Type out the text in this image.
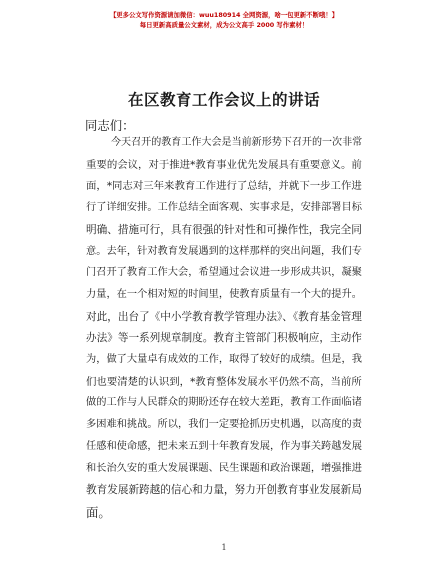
【更多公文写作资源请加微信：wuu180914 全网资源，啥一包更新不断哦！】
每日更新高质量公文素材，成为公文高手 2000 写作素材！
在区教育工作会议上的讲话
同志们：
今天召开的教育工作大会是当前新形势下召开的一次非常
重要的会议，对于推进*教育事业优先发展具有重要意义。前
面，*同志对三年来教育工作进行了总结，并就下一步工作进
行了详细安排。工作总结全面客观、实事求是，安排部署目标
明确、措施可行，具有很强的针对性和可操作性，我完全同
意。去年，针对教育发展遇到的这样那样的突出问题，我们专
门召开了教育工作大会，希望通过会议进一步形成共识，凝聚
力量，在一个相对短的时间里，使教育质量有一个大的提升。
对此，出台了《中小学教育教学管理办法》、《教育基金管理
办法》等一系列规章制度。教育主管部门积极响应，主动作
为，做了大量卓有成效的工作，取得了较好的成绩。但是，我
们也要清楚的认识到，*教育整体发展水平仍然不高，当前所
做的工作与人民群众的期盼还存在较大差距，教育工作面临诸
多困难和挑战。所以，我们一定要抢抓历史机遇，以高度的责
任感和使命感，把未来五到十年教育发展，作为事关跨越发展
和长治久安的重大发展课题、民生课题和政治课题，增强推进
教育发展新跨越的信心和力量，努力开创教育事业发展新局
面。
1
